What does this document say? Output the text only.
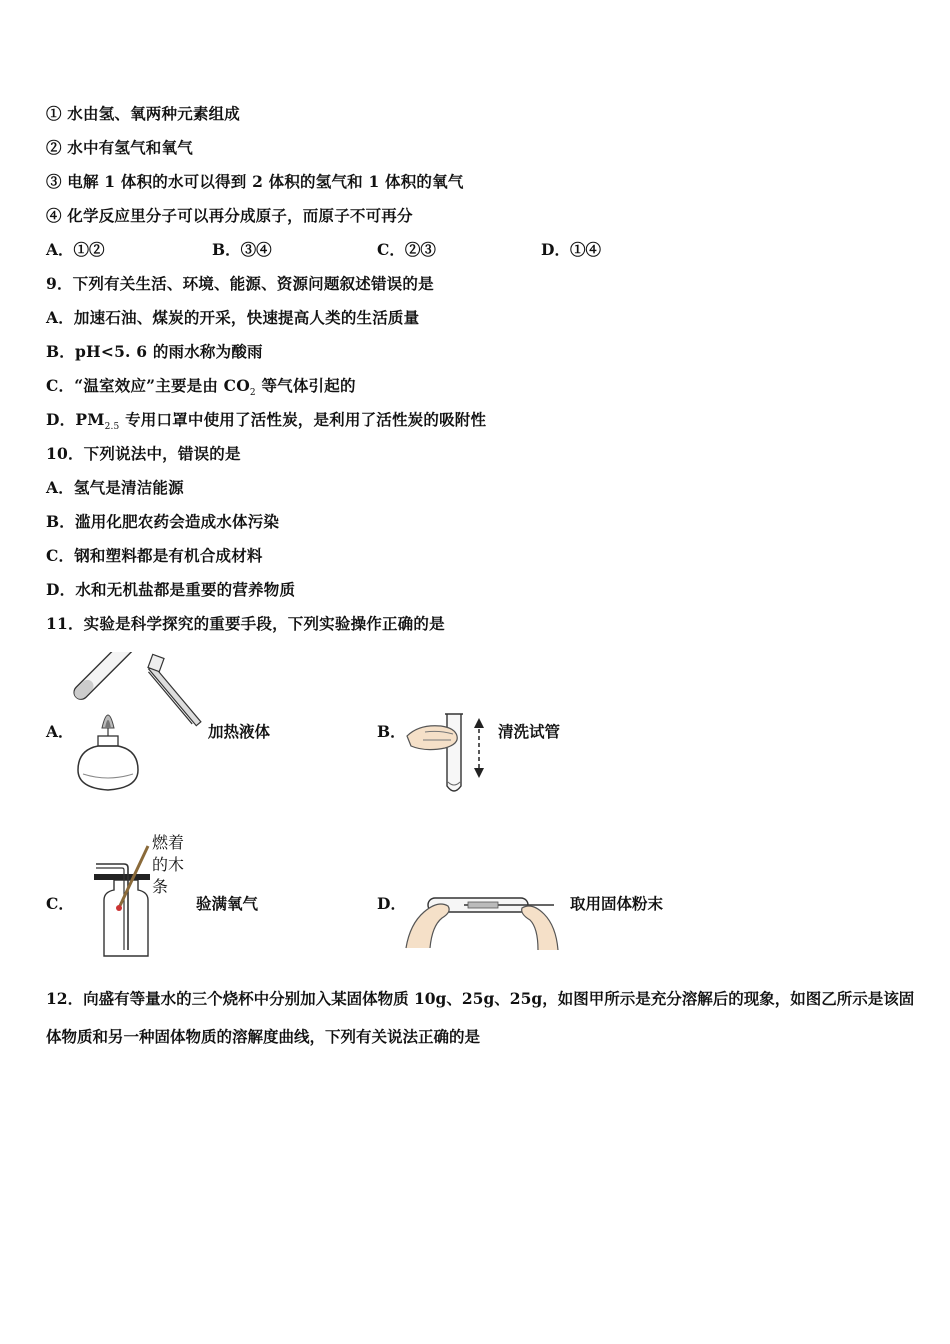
① 水由氢、氧两种元素组成
② 水中有氢气和氧气
③ 电解 1 体积的水可以得到 2 体积的氢气和 1 体积的氧气
④ 化学反应里分子可以再分成原子，而原子不可再分
A．①②	B．③④	C．②③	D．①④
9．下列有关生活、环境、能源、资源问题叙述错误的是
A．加速石油、煤炭的开采，快速提高人类的生活质量
B．pH<5. 6 的雨水称为酸雨
C．“温室效应”主要是由 $CO_2$ 等气体引起的
D．$PM_{2.5}$ 专用口罩中使用了活性炭，是利用了活性炭的吸附性
10．下列说法中，错误的是
A．氢气是清洁能源
B．滥用化肥农药会造成水体污染
C．钢和塑料都是有机合成材料
D．水和无机盐都是重要的营养物质
11．实验是科学探究的重要手段，下列实验操作正确的是
A．	加热液体	B．	清洗试管
C．
燃着
的木
条
验满氧气	D．	取用固体粉末
12．向盛有等量水的三个烧杯中分别加入某固体物质 10g、25g、25g，如图甲所示是充分溶解后的现象，如图乙所示是该固体物质和另一种固体物质的溶解度曲线，下列有关说法正确的是
